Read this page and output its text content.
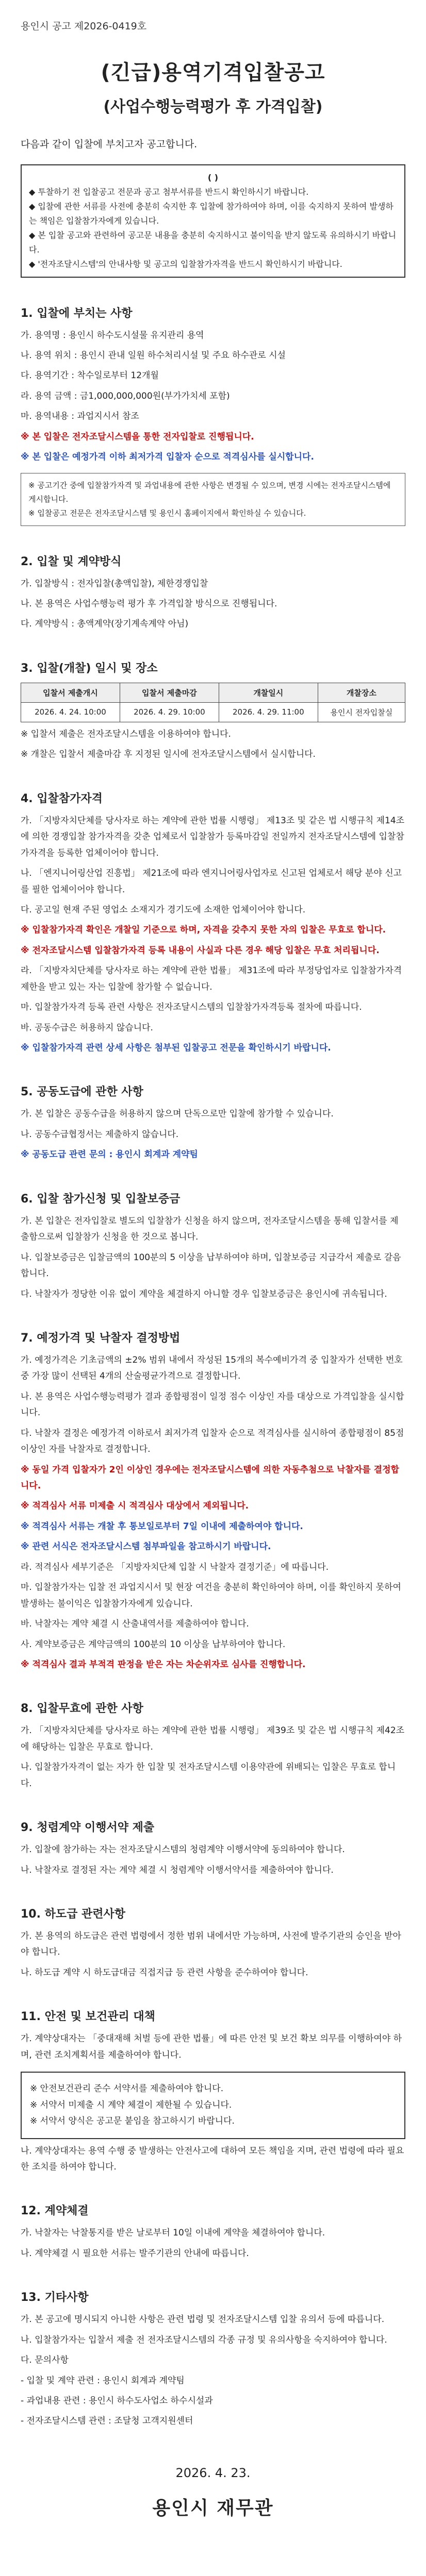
용인시 공고 제2026-0419호
(긴급)용역기격입찰공고
(사업수행능력평가 후 가격입찰)
다음과 같이 입찰에 부치고자 공고합니다.
( )
◆ 투찰하기 전 입찰공고 전문과 공고 첨부서류를 반드시 확인하시기 바랍니다.
◆ 입찰에 관한 서류를 사전에 충분히 숙지한 후 입찰에 참가하여야 하며, 이를 숙지하지 못하여 발생하는 책임은 입찰참가자에게 있습니다.
◆ 본 입찰 공고와 관련하여 공고문 내용을 충분히 숙지하시고 불이익을 받지 않도록 유의하시기 바랍니다.
◆ '전자조달시스템'의 안내사항 및 공고의 입찰참가자격을 반드시 확인하시기 바랍니다.
1. 입찰에 부치는 사항

가. 용역명 : 용인시 하수도시설물 유지관리 용역

나. 용역 위치 : 용인시 관내 일원 하수처리시설 및 주요 하수관로 시설

다. 용역기간 : 착수일로부터 12개월

라. 용역 금액 : 금1,000,000,000원(부가가치세 포함)

마. 용역내용 : 과업지시서 참조

※ 본 입찰은 전자조달시스템을 통한 전자입찰로 진행됩니다.

※ 본 입찰은 예정가격 이하 최저가격 입찰자 순으로 적격심사를 실시합니다.

※ 공고기간 중에 입찰참가자격 및 과업내용에 관한 사항은 변경될 수 있으며, 변경 시에는 전자조달시스템에 게시합니다.
※ 입찰공고 전문은 전자조달시스템 및 용인시 홈페이지에서 확인하실 수 있습니다.
2. 입찰 및 계약방식

가. 입찰방식 : 전자입찰(총액입찰), 제한경쟁입찰

나. 본 용역은 사업수행능력 평가 후 가격입찰 방식으로 진행됩니다.

다. 계약방식 : 총액계약(장기계속계약 아님)

3. 입찰(개찰) 일시 및 장소
입찰서 제출개시	입찰서 제출마감	개찰일시	개찰장소
2026. 4. 24. 10:00	2026. 4. 29. 10:00	2026. 4. 29. 11:00	용인시 전자입찰실

※ 입찰서 제출은 전자조달시스템을 이용하여야 합니다.

※ 개찰은 입찰서 제출마감 후 지정된 일시에 전자조달시스템에서 실시합니다.

4. 입찰참가자격

가. 「지방자치단체를 당사자로 하는 계약에 관한 법률 시행령」 제13조 및 같은 법 시행규칙 제14조에 의한 경쟁입찰 참가자격을 갖춘 업체로서 입찰참가 등록마감일 전일까지 전자조달시스템에 입찰참가자격을 등록한 업체이어야 합니다.

나. 「엔지니어링산업 진흥법」 제21조에 따라 엔지니어링사업자로 신고된 업체로서 해당 분야 신고를 필한 업체이어야 합니다.

다. 공고일 현재 주된 영업소 소재지가 경기도에 소재한 업체이어야 합니다.

※ 입찰참가자격 확인은 개찰일 기준으로 하며, 자격을 갖추지 못한 자의 입찰은 무효로 합니다.

※ 전자조달시스템 입찰참가자격 등록 내용이 사실과 다른 경우 해당 입찰은 무효 처리됩니다.

라. 「지방자치단체를 당사자로 하는 계약에 관한 법률」 제31조에 따라 부정당업자로 입찰참가자격 제한을 받고 있는 자는 입찰에 참가할 수 없습니다.

마. 입찰참가자격 등록 관련 사항은 전자조달시스템의 입찰참가자격등록 절차에 따릅니다.

바. 공동수급은 허용하지 않습니다.

※ 입찰참가자격 관련 상세 사항은 첨부된 입찰공고 전문을 확인하시기 바랍니다.

5. 공동도급에 관한 사항

가. 본 입찰은 공동수급을 허용하지 않으며 단독으로만 입찰에 참가할 수 있습니다.

나. 공동수급협정서는 제출하지 않습니다.

※ 공동도급 관련 문의 : 용인시 회계과 계약팀

6. 입찰 참가신청 및 입찰보증금

가. 본 입찰은 전자입찰로 별도의 입찰참가 신청을 하지 않으며, 전자조달시스템을 통해 입찰서를 제출함으로써 입찰참가 신청을 한 것으로 봅니다.

나. 입찰보증금은 입찰금액의 100분의 5 이상을 납부하여야 하며, 입찰보증금 지급각서 제출로 갈음합니다.

다. 낙찰자가 정당한 이유 없이 계약을 체결하지 아니할 경우 입찰보증금은 용인시에 귀속됩니다.

7. 예정가격 및 낙찰자 결정방법

가. 예정가격은 기초금액의 ±2% 범위 내에서 작성된 15개의 복수예비가격 중 입찰자가 선택한 번호 중 가장 많이 선택된 4개의 산술평균가격으로 결정합니다.

나. 본 용역은 사업수행능력평가 결과 종합평점이 일정 점수 이상인 자를 대상으로 가격입찰을 실시합니다.

다. 낙찰자 결정은 예정가격 이하로서 최저가격 입찰자 순으로 적격심사를 실시하여 종합평점이 85점 이상인 자를 낙찰자로 결정합니다.

※ 동일 가격 입찰자가 2인 이상인 경우에는 전자조달시스템에 의한 자동추첨으로 낙찰자를 결정합니다.

※ 적격심사 서류 미제출 시 적격심사 대상에서 제외됩니다.

※ 적격심사 서류는 개찰 후 통보일로부터 7일 이내에 제출하여야 합니다.

※ 관련 서식은 전자조달시스템 첨부파일을 참고하시기 바랍니다.

라. 적격심사 세부기준은 「지방자치단체 입찰 시 낙찰자 결정기준」에 따릅니다.

마. 입찰참가자는 입찰 전 과업지시서 및 현장 여건을 충분히 확인하여야 하며, 이를 확인하지 못하여 발생하는 불이익은 입찰참가자에게 있습니다.

바. 낙찰자는 계약 체결 시 산출내역서를 제출하여야 합니다.

사. 계약보증금은 계약금액의 100분의 10 이상을 납부하여야 합니다.

※ 적격심사 결과 부적격 판정을 받은 자는 차순위자로 심사를 진행합니다.

8. 입찰무효에 관한 사항

가. 「지방자치단체를 당사자로 하는 계약에 관한 법률 시행령」 제39조 및 같은 법 시행규칙 제42조에 해당하는 입찰은 무효로 합니다.

나. 입찰참가자격이 없는 자가 한 입찰 및 전자조달시스템 이용약관에 위배되는 입찰은 무효로 합니다.

9. 청렴계약 이행서약 제출

가. 입찰에 참가하는 자는 전자조달시스템의 청렴계약 이행서약에 동의하여야 합니다.

나. 낙찰자로 결정된 자는 계약 체결 시 청렴계약 이행서약서를 제출하여야 합니다.

10. 하도급 관련사항

가. 본 용역의 하도급은 관련 법령에서 정한 범위 내에서만 가능하며, 사전에 발주기관의 승인을 받아야 합니다.

나. 하도급 계약 시 하도급대금 직접지급 등 관련 사항을 준수하여야 합니다.

11. 안전 및 보건관리 대책

가. 계약상대자는 「중대재해 처벌 등에 관한 법률」에 따른 안전 및 보건 확보 의무를 이행하여야 하며, 관련 조치계획서를 제출하여야 합니다.

※ 안전보건관리 준수 서약서를 제출하여야 합니다.
※ 서약서 미제출 시 계약 체결이 제한될 수 있습니다.
※ 서약서 양식은 공고문 붙임을 참고하시기 바랍니다.

나. 계약상대자는 용역 수행 중 발생하는 안전사고에 대하여 모든 책임을 지며, 관련 법령에 따라 필요한 조치를 하여야 합니다.

12. 계약체결

가. 낙찰자는 낙찰통지를 받은 날로부터 10일 이내에 계약을 체결하여야 합니다.

나. 계약체결 시 필요한 서류는 발주기관의 안내에 따릅니다.

13. 기타사항

가. 본 공고에 명시되지 아니한 사항은 관련 법령 및 전자조달시스템 입찰 유의서 등에 따릅니다.

나. 입찰참가자는 입찰서 제출 전 전자조달시스템의 각종 규정 및 유의사항을 숙지하여야 합니다.

다. 문의사항

- 입찰 및 계약 관련 : 용인시 회계과 계약팀

- 과업내용 관련 : 용인시 하수도사업소 하수시설과

- 전자조달시스템 관련 : 조달청 고객지원센터

2026. 4. 23.
용인시 재무관
